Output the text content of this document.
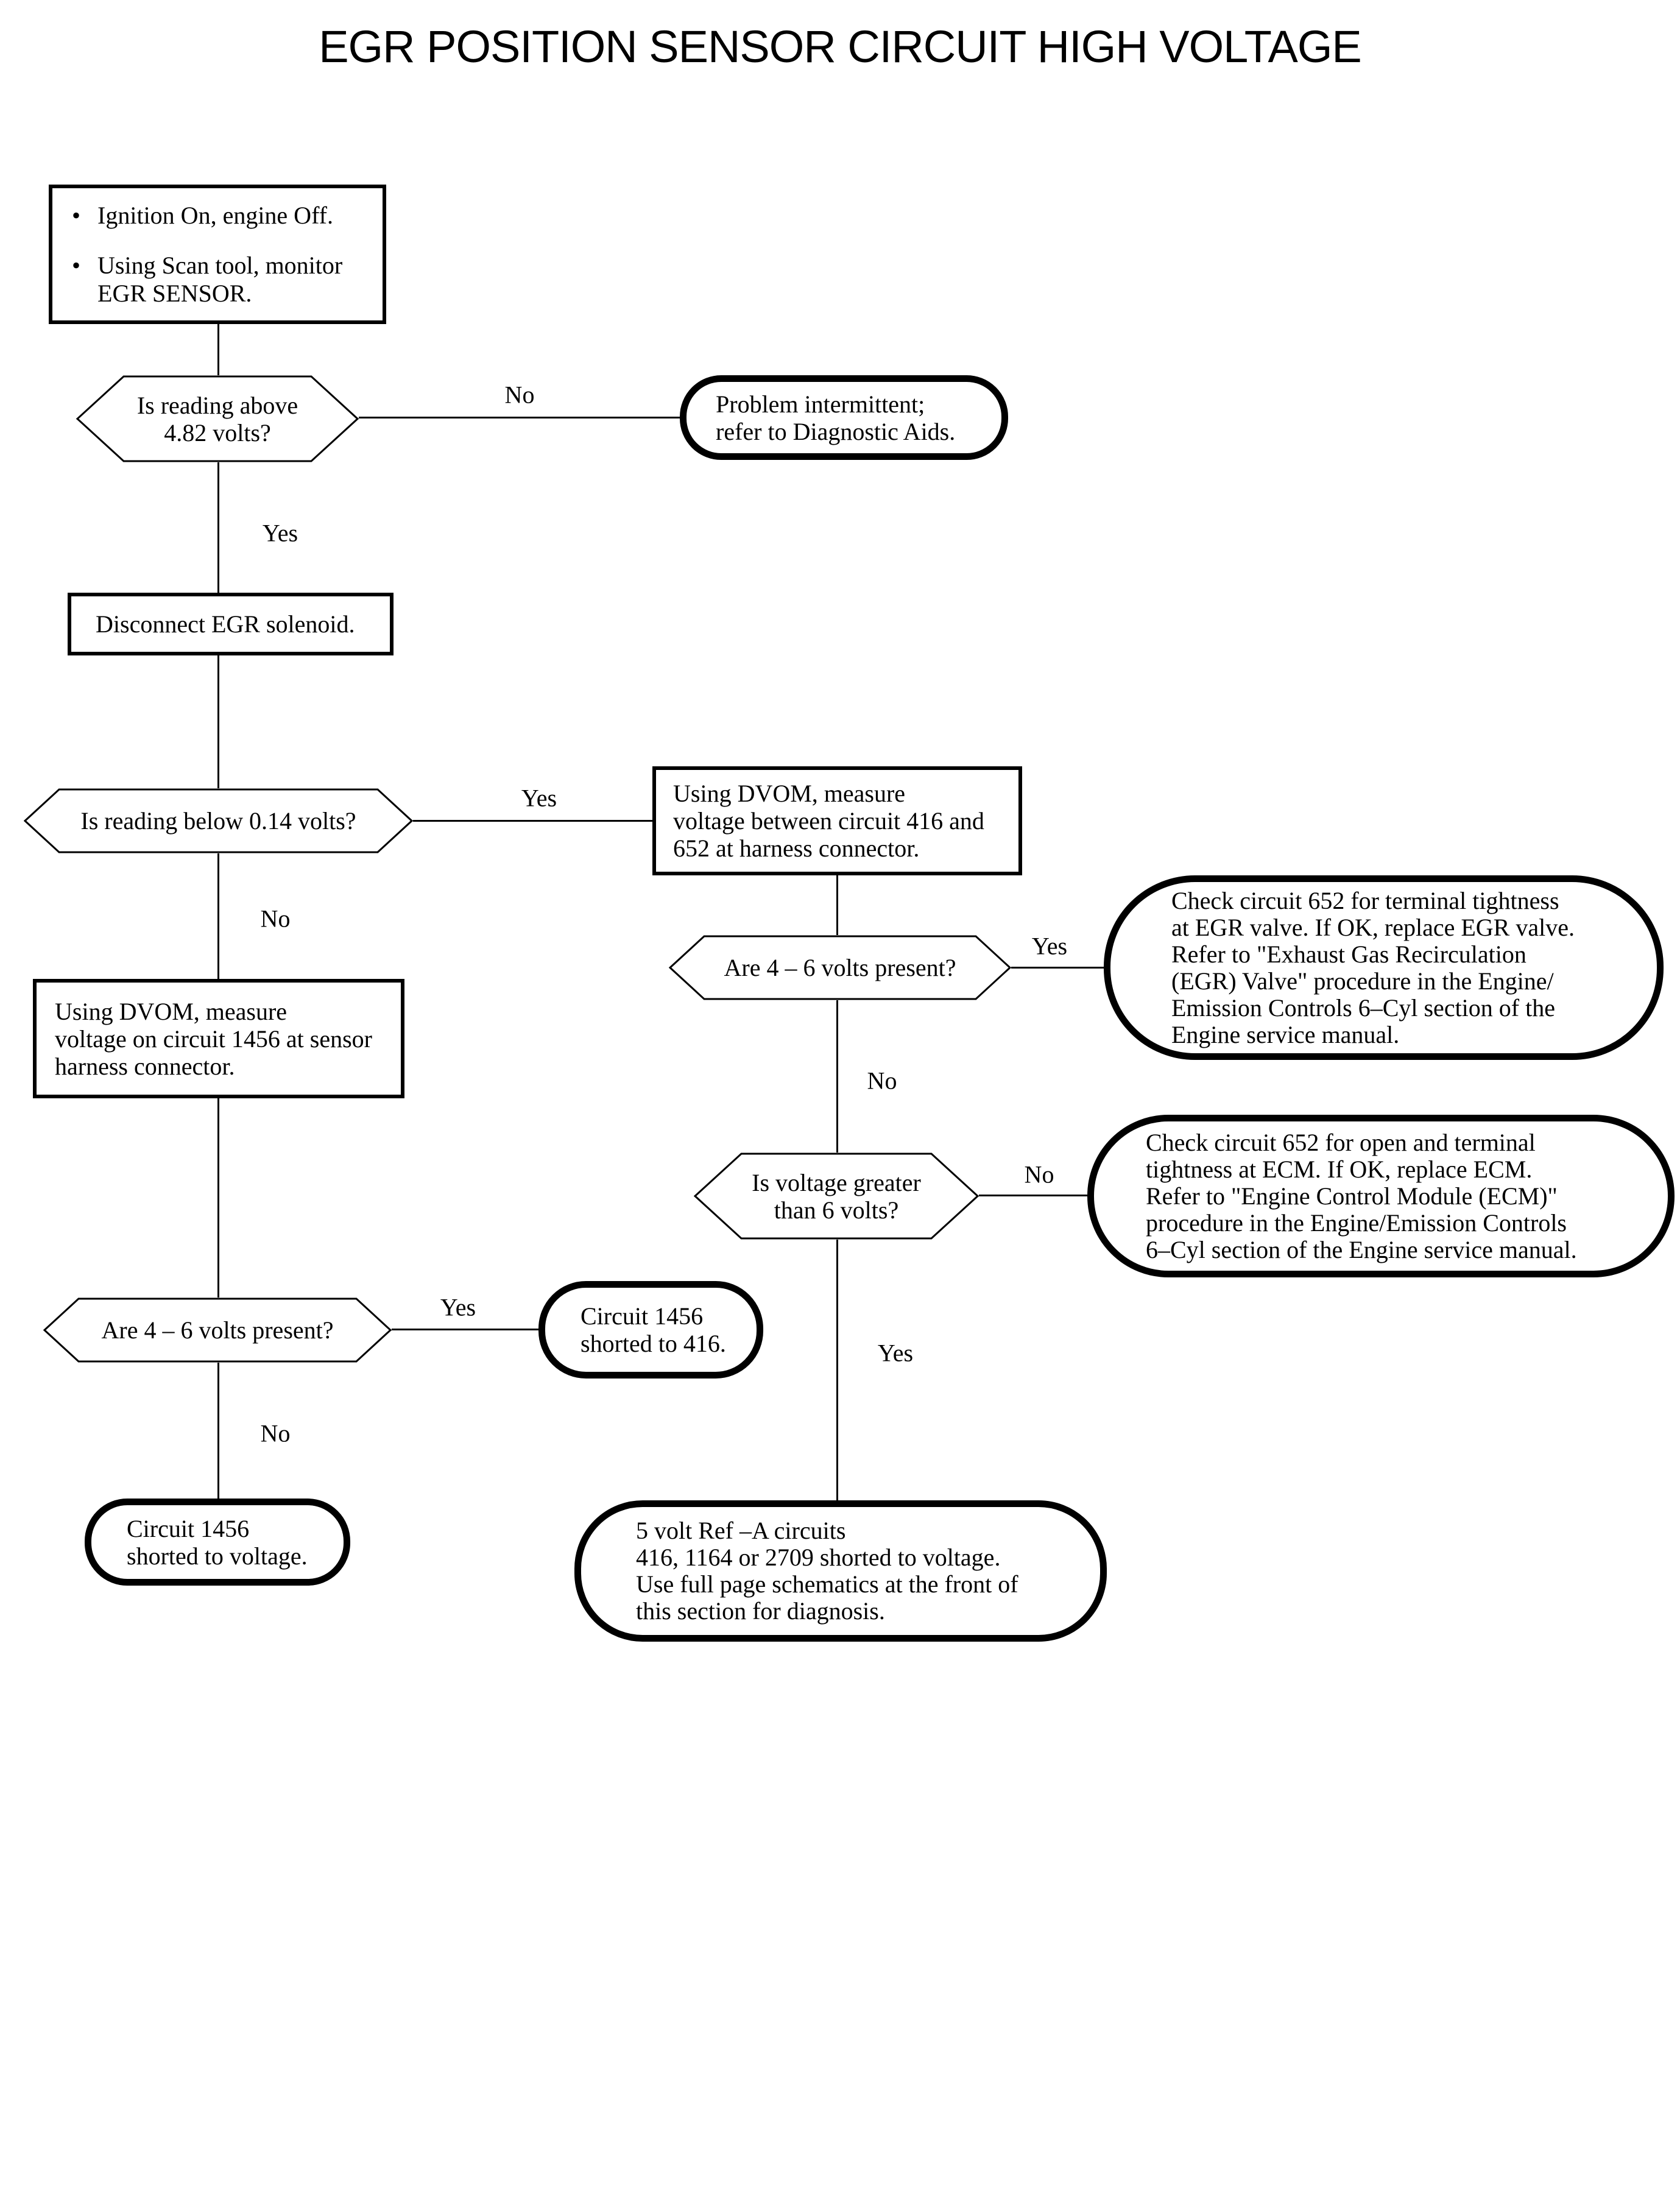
EGR POSITION SENSOR CIRCUIT HIGH VOLTAGE
No
Yes
Yes
No
Yes
No
No
Yes
Yes
No
• Ignition On, engine Off.
• Using Scan tool, monitor
EGR SENSOR.
Is reading above
4.82 volts?
Problem intermittent;
refer to Diagnostic Aids.
Disconnect EGR solenoid.
Is reading below 0.14 volts?
Using DVOM, measure
voltage between circuit 416 and
652 at harness connector.
Using DVOM, measure
voltage on circuit 1456 at sensor
harness connector.
Are 4 – 6 volts present?
Check circuit 652 for terminal tightness
at EGR valve. If OK, replace EGR valve.
Refer to "Exhaust Gas Recirculation
(EGR) Valve" procedure in the Engine/
Emission Controls 6–Cyl section of the
Engine service manual.
Is voltage greater
than 6 volts?
Check circuit 652 for open and terminal
tightness at ECM. If OK, replace ECM.
Refer to "Engine Control Module (ECM)"
procedure in the Engine/Emission Controls
6–Cyl section of the Engine service manual.
Are 4 – 6 volts present?
Circuit 1456
shorted to 416.
Circuit 1456
shorted to voltage.
5 volt Ref –A circuits
416, 1164 or 2709 shorted to voltage.
Use full page schematics at the front of
this section for diagnosis.
